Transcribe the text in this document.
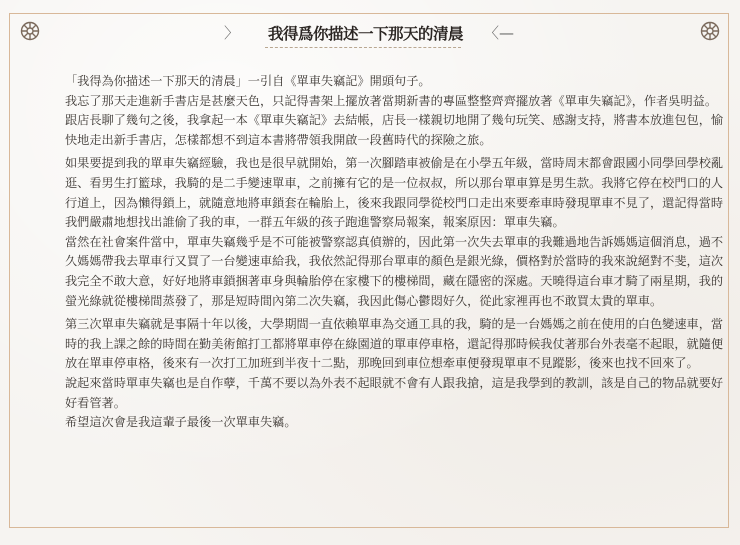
〉 我得爲你描述一下那天的清晨 〈—
「我得為你描述一下那天的清晨」一引自《單車失竊記》開頭句子。
我忘了那天走進新手書店是甚麼天色，只記得書架上擺放著當期新書的專區整整齊齊擺放著《單車失竊記》，作者吳明益。
跟店長聊了幾句之後，我拿起一本《單車失竊記》去結帳，店長一樣親切地開了幾句玩笑、感謝支持，將書本放進包包，愉
快地走出新手書店，怎樣都想不到這本書將帶領我開啟一段舊時代的探險之旅。
如果要提到我的單車失竊經驗，我也是很早就開始，第一次腳踏車被偷是在小學五年級，當時周末都會跟國小同學回學校亂
逛、看男生打籃球，我騎的是二手變速單車，之前擁有它的是一位叔叔，所以那台單車算是男生款。我將它停在校門口的人
行道上，因為懶得鎖上，就隨意地將車鎖套在輪胎上，後來我跟同學從校門口走出來要牽車時發現單車不見了，還記得當時
我們嚴肅地想找出誰偷了我的車，一群五年級的孩子跑進警察局報案，報案原因：單車失竊。
當然在社會案件當中，單車失竊幾乎是不可能被警察認真偵辦的，因此第一次失去單車的我難過地告訴媽媽這個消息，過不
久媽媽帶我去單車行又買了一台變速車給我，我依然記得那台單車的顏色是銀光綠，價格對於當時的我來說絕對不斐，這次
我完全不敢大意，好好地將車鎖捆著車身與輪胎停在家樓下的樓梯間，藏在隱密的深處。天曉得這台車才騎了兩星期，我的
螢光綠就從樓梯間蒸發了，那是短時間內第二次失竊，我因此傷心鬱悶好久，從此家裡再也不敢買太貴的單車。
第三次單車失竊就是事隔十年以後，大學期間一直依賴單車為交通工具的我，騎的是一台媽媽之前在使用的白色變速車，當
時的我上課之餘的時間在勤美術館打工都將單車停在綠園道的單車停車格，還記得那時候我仗著那台外表毫不起眼，就隨便
放在單車停車格，後來有一次打工加班到半夜十二點，那晚回到車位想牽車便發現單車不見蹤影，後來也找不回來了。
說起來當時單車失竊也是自作孽，千萬不要以為外表不起眼就不會有人跟我搶，這是我學到的教訓，該是自己的物品就要好
好看管著。
希望這次會是我這輩子最後一次單車失竊。
